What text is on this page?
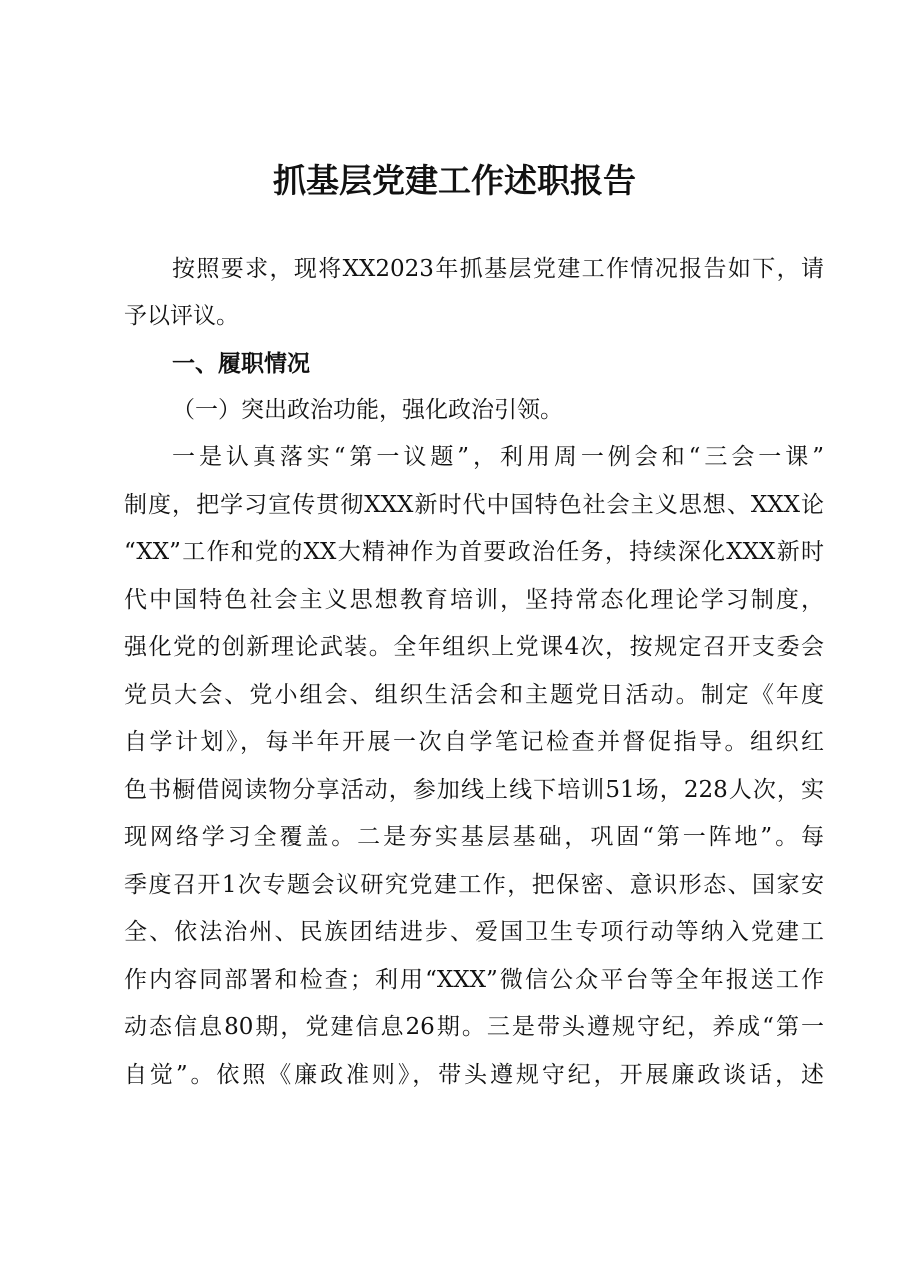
抓基层党建工作述职报告
按照要求，现将XX2023年抓基层党建工作情况报告如下，请
予以评议。
一、履职情况
（一）突出政治功能，强化政治引领。
一是认真落实“第一议题”，利用周一例会和“三会一课”
制度，把学习宣传贯彻XXX新时代中国特色社会主义思想、XXX论
“XX”工作和党的XX大精神作为首要政治任务，持续深化XXX新时
代中国特色社会主义思想教育培训，坚持常态化理论学习制度，
强化党的创新理论武装。全年组织上党课4次，按规定召开支委会
党员大会、党小组会、组织生活会和主题党日活动。制定《年度
自学计划》，每半年开展一次自学笔记检查并督促指导。组织红
色书橱借阅读物分享活动，参加线上线下培训51场，228人次，实
现网络学习全覆盖。二是夯实基层基础，巩固“第一阵地”。每
季度召开1次专题会议研究党建工作，把保密、意识形态、国家安
全、依法治州、民族团结进步、爱国卫生专项行动等纳入党建工
作内容同部署和检查；利用“XXX”微信公众平台等全年报送工作
动态信息80期，党建信息26期。三是带头遵规守纪，养成“第一
自觉”。依照《廉政准则》，带头遵规守纪，开展廉政谈话，述
